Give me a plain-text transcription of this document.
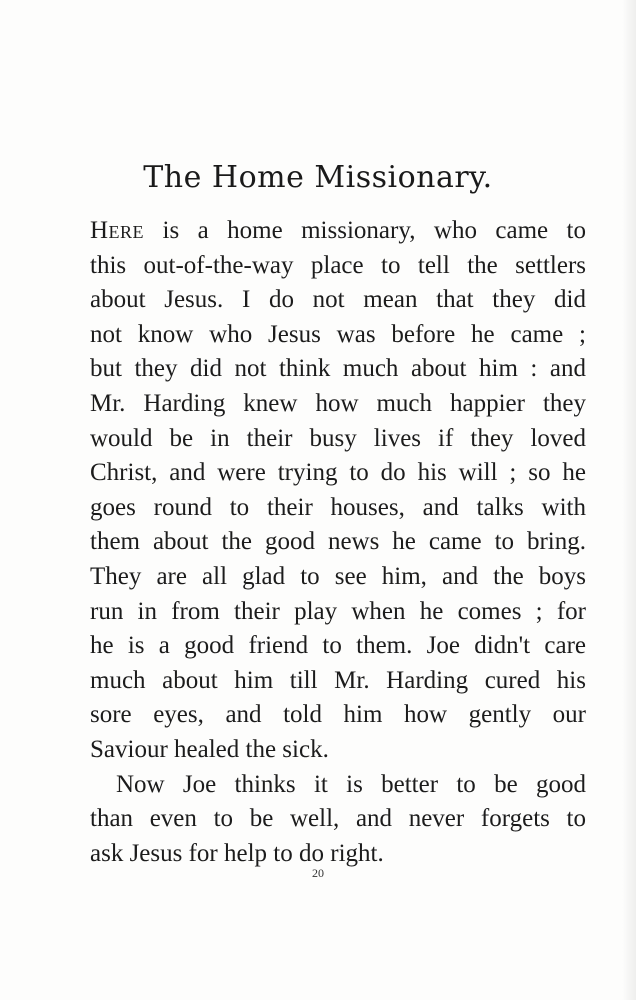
The Home Missionary.
Here is a home missionary, who came to
this out-of-the-way place to tell the settlers
about Jesus. I do not mean that they did
not know who Jesus was before he came ;
but they did not think much about him : and
Mr. Harding knew how much happier they
would be in their busy lives if they loved
Christ, and were trying to do his will ; so he
goes round to their houses, and talks with
them about the good news he came to bring.
They are all glad to see him, and the boys
run in from their play when he comes ; for
he is a good friend to them. Joe didn't care
much about him till Mr. Harding cured his
sore eyes, and told him how gently our
Saviour healed the sick.
Now Joe thinks it is better to be good
than even to be well, and never forgets to
ask Jesus for help to do right.
20
